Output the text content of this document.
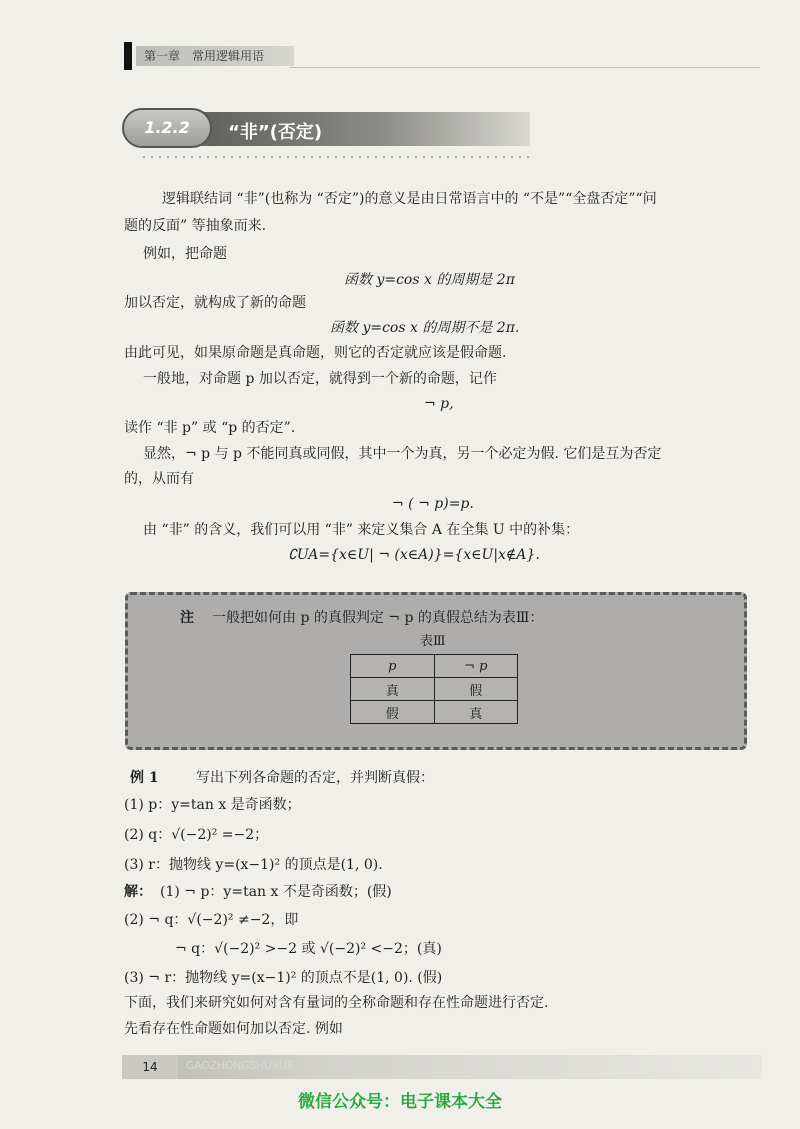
第一章　常用逻辑用语
1.2.2	“非”(否定)
逻辑联结词 “非”(也称为 “否定”)的意义是由日常语言中的 “不是”“全盘否定”“问
题的反面” 等抽象而来.
例如，把命题
函数 y=cos x 的周期是 2π
加以否定，就构成了新的命题
函数 y=cos x 的周期不是 2π.
由此可见，如果原命题是真命题，则它的否定就应该是假命题.
一般地，对命题 p 加以否定，就得到一个新的命题，记作
¬ p,
读作 “非 p” 或 “p 的否定”.
显然，¬ p 与 p 不能同真或同假，其中一个为真，另一个必定为假. 它们是互为否定
的，从而有
¬ ( ¬ p)=p.
由 “非” 的含义，我们可以用 “非” 来定义集合 A 在全集 U 中的补集：
∁UA={x∈U| ¬ (x∈A)}={x∈U|x∉A}.
注 一般把如何由 p 的真假判定 ¬ p 的真假总结为表Ⅲ：
表Ⅲ
p	¬ p
真	假
假	真
例 1	写出下列各命题的否定，并判断真假：
(1) p：y=tan x 是奇函数；
(2) q：√(−2)² =−2；
(3) r：抛物线 y=(x−1)² 的顶点是(1, 0).
解： (1) ¬ p：y=tan x 不是奇函数；(假)
(2) ¬ q：√(−2)² ≠−2，即
¬ q：√(−2)² >−2 或 √(−2)² <−2；(真)
(3) ¬ r：抛物线 y=(x−1)² 的顶点不是(1, 0). (假)
下面，我们来研究如何对含有量词的全称命题和存在性命题进行否定.
先看存在性命题如何加以否定. 例如
14	GAOZHONGSHUXUE
微信公众号：电子课本大全
